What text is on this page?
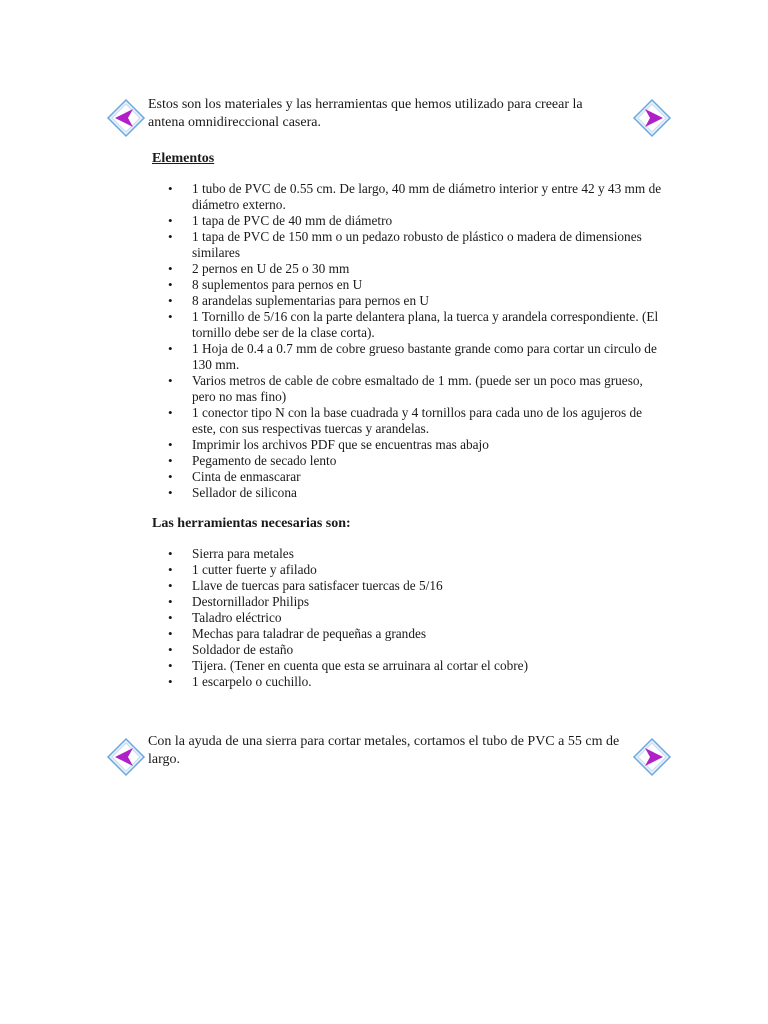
Estos son los materiales y las herramientas que hemos utilizado para creear la antena omnidireccional casera.

Elementos
• 1 tubo de PVC de 0.55 cm. De largo, 40 mm de diámetro interior y entre 42 y 43 mm de diámetro externo.
• 1 tapa de PVC de 40 mm de diámetro
• 1 tapa de PVC de 150 mm o un pedazo robusto de plástico o madera de dimensiones similares
• 2 pernos en U de 25 o 30 mm
• 8 suplementos para pernos en U
• 8 arandelas suplementarias para pernos en U
• 1 Tornillo de 5/16 con la parte delantera plana, la tuerca y arandela correspondiente. (El tornillo debe ser de la clase corta).
• 1 Hoja de 0.4 a 0.7 mm de cobre grueso bastante grande como para cortar un circulo de 130 mm.
• Varios metros de cable de cobre esmaltado de 1 mm. (puede ser un poco mas grueso, pero no mas fino)
• 1 conector tipo N con la base cuadrada y 4 tornillos para cada uno de los agujeros de este, con sus respectivas tuercas y arandelas.
• Imprimir los archivos PDF que se encuentras mas abajo
• Pegamento de secado lento
• Cinta de enmascarar
• Sellador de silicona
Las herramientas necesarias son:
• Sierra para metales
• 1 cutter fuerte y afilado
• Llave de tuercas para satisfacer tuercas de 5/16
• Destornillador Philips
• Taladro eléctrico
• Mechas para taladrar de pequeñas a grandes
• Soldador de estaño
• Tijera. (Tener en cuenta que esta se arruinara al cortar el cobre)
• 1 escarpelo o cuchillo.

Con la ayuda de una sierra para cortar metales, cortamos el tubo de PVC a 55 cm de largo.
